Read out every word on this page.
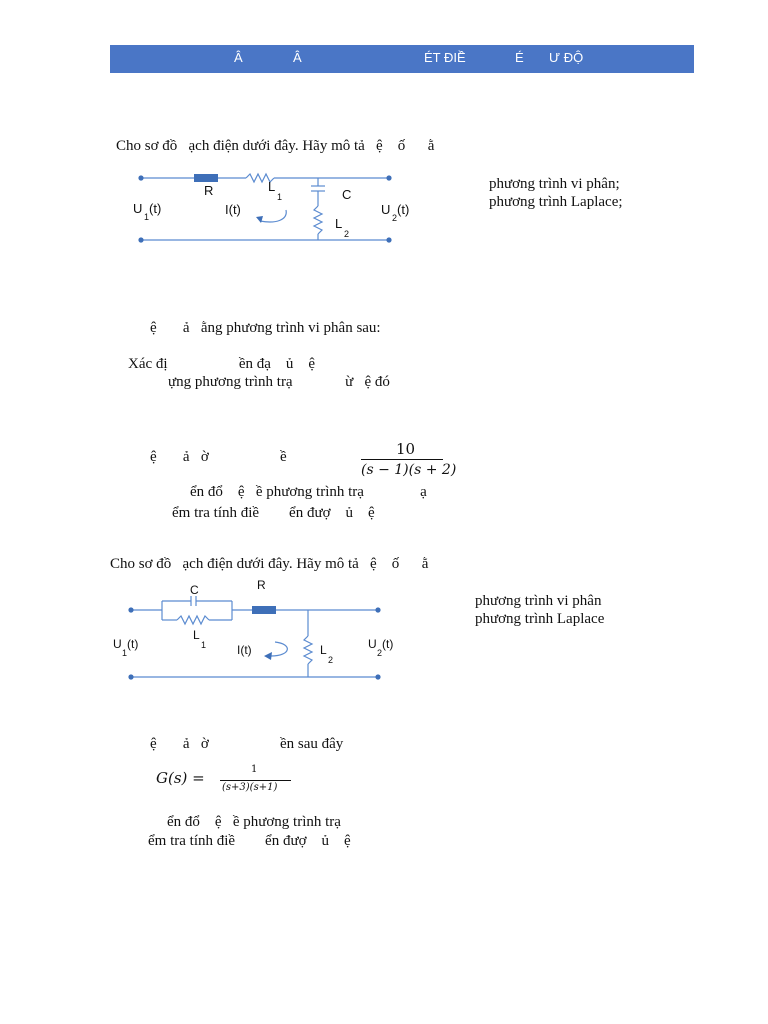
Â	Â	ÉT ĐIỀ	É Ư ĐỘ
Cho sơ đồ   ạch điện dưới đây. Hãy mô tả   ệ    ố      ằ
R	L
1	C
L
2
U
1
(t)	U
2
(t)
I(t)
phương trình vi phân;
phương trình Laplace;
ệ       ả   ằng phương trình vi phân sau:
Xác đị                   ền đạ    ủ    ệ
ựng phương trình trạ              ừ   ệ đó
ệ       ả   ờ                   ề	10
(s − 1)(s + 2)
ển đổ    ệ   ề phương trình trạ               ạ
ểm tra tính điề        ển đượ    ủ    ệ
Cho sơ đồ   ạch điện dưới đây. Hãy mô tả   ệ    ố      ằ
C	R
L
1	L
2
U
1
(t)	U
2
(t)
I(t)
phương trình vi phân
phương trình Laplace
ệ       ả   ờ                   ền sau đây
G(s) =	1
(s+3)(s+1)
ển đổ    ệ   ề phương trình trạ
ểm tra tính điề        ển đượ    ủ    ệ
